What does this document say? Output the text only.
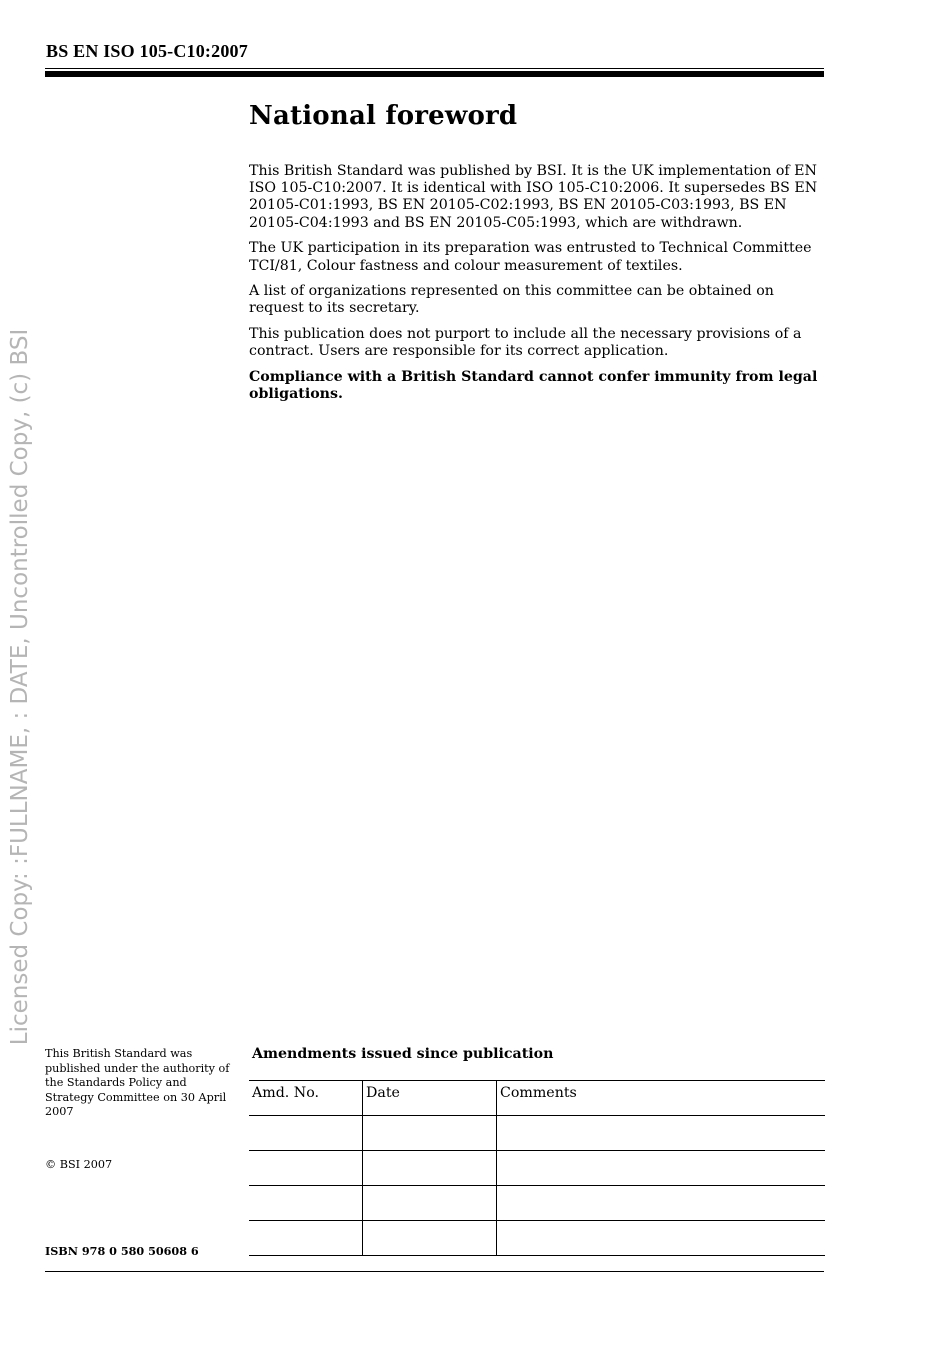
BS EN ISO 105-C10:2007
National foreword

This British Standard was published by BSI. It is the UK implementation of EN ISO 105-C10:2007. It is identical with ISO 105-C10:2006. It supersedes BS EN 20105-C01:1993, BS EN 20105-C02:1993, BS EN 20105-C03:1993, BS EN 20105-C04:1993 and BS EN 20105-C05:1993, which are withdrawn.

The UK participation in its preparation was entrusted to Technical Committee TCI/81, Colour fastness and colour measurement of textiles.

A list of organizations represented on this committee can be obtained on request to its secretary.

This publication does not purport to include all the necessary provisions of a contract. Users are responsible for its correct application.

Compliance with a British Standard cannot confer immunity from legal obligations.

Licensed Copy: :FULLNAME, : DATE, Uncontrolled Copy, (c) BSI
This British Standard was published under the authority of the Standards Policy and Strategy Committee on 30 April 2007
© BSI 2007
ISBN 978 0 580 50608 6
Amendments issued since publication
Amd. No.	Date	Comments
